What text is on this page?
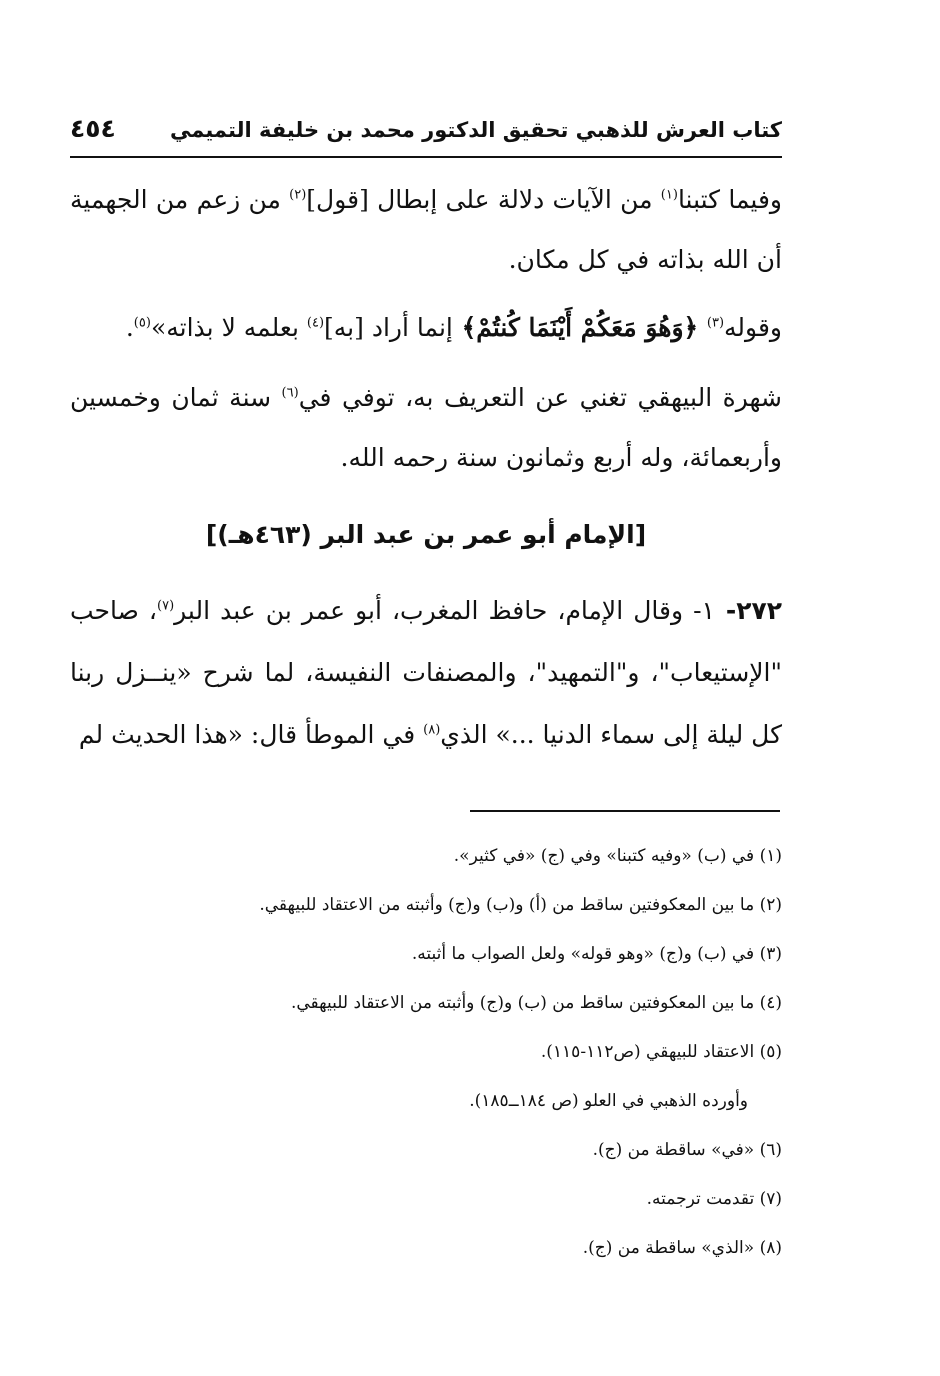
كتاب العرش للذهبي تحقيق الدكتور محمد بن خليفة التميمي
٤٥٤
وفيما كتبنا$^{(١)}$ من الآيات دلالة على إبطال [قول]$^{(٢)}$ من زعم من الجهمية أن الله بذاته في كل مكان.
وقوله$^{(٣)}$ ﴿وَهُوَ مَعَكُمْ أَيْنَمَا كُنتُمْ﴾ إنما أراد [به]$^{(٤)}$ بعلمه لا بذاته»$^{(٥)}$.
شهرة البيهقي تغني عن التعريف به، توفي في$^{(٦)}$ سنة ثمان وخمسين وأربعمائة، وله أربع وثمانون سنة رحمه الله.
[الإمام أبو عمر بن عبد البر (٤٦٣هـ)]
٢٧٢- ١- وقال الإمام، حافظ المغرب، أبو عمر بن عبد البر$^{(٧)}$، صاحب "الإستيعاب"، و"التمهيد"، والمصنفات النفيسة، لما شرح «ينــزل ربنا كل ليلة إلى سماء الدنيا ...» الذي$^{(٨)}$ في الموطأ قال: «هذا الحديث لم
(١) في (ب) «وفيه كتبنا» وفي (ج) «في كثير».
(٢) ما بين المعكوفتين ساقط من (أ) و(ب) و(ج) وأثبته من الاعتقاد للبيهقي.
(٣) في (ب) و(ج) «وهو قوله» ولعل الصواب ما أثبته.
(٤) ما بين المعكوفتين ساقط من (ب) و(ج) وأثبته من الاعتقاد للبيهقي.
(٥) الاعتقاد للبيهقي (ص١١٢-١١٥).
وأورده الذهبي في العلو (ص ١٨٤ــ١٨٥).
(٦) «في» ساقطة من (ج).
(٧) تقدمت ترجمته.
(٨) «الذي» ساقطة من (ج).
